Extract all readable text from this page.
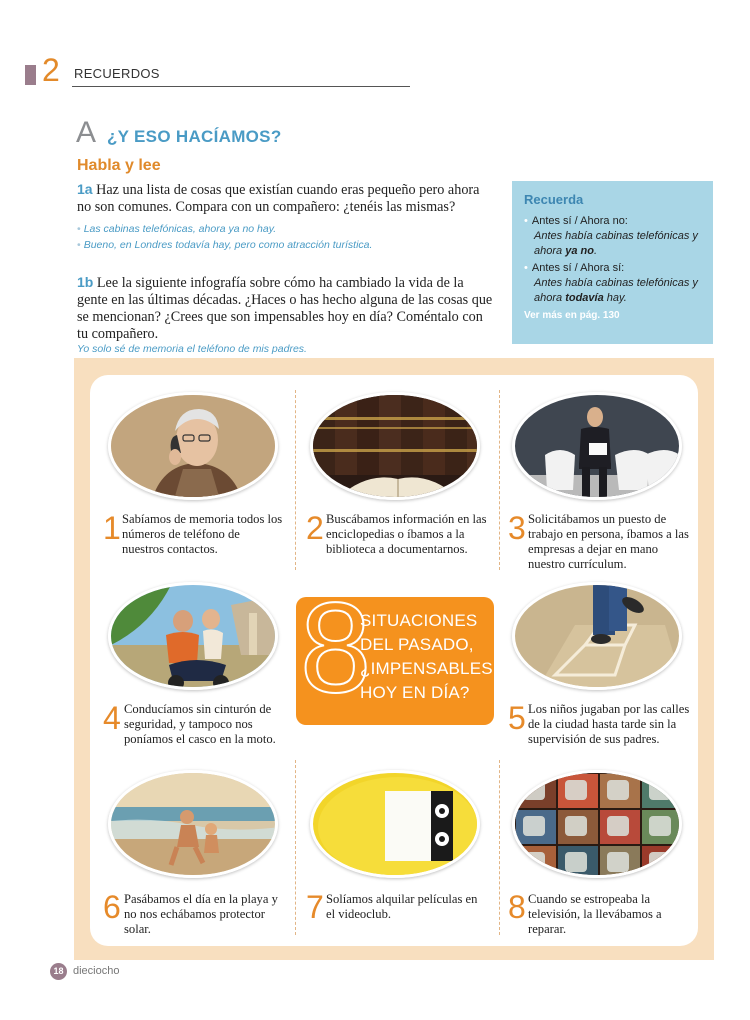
2 RECUERDOS
A ¿Y ESO HACÍAMOS?
Habla y lee
1a Haz una lista de cosas que existían cuando eras pequeño pero ahora no son comunes. Compara con un compañero: ¿tenéis las mismas?
• Las cabinas telefónicas, ahora ya no hay.
• Bueno, en Londres todavía hay, pero como atracción turística.
1b Lee la siguiente infografía sobre cómo ha cambiado la vida de la gente en las últimas décadas. ¿Haces o has hecho alguna de las cosas que se mencionan? ¿Crees que son impensables hoy en día? Coméntalo con tu compañero.
Yo solo sé de memoria el teléfono de mis padres.
Recuerda
• Antes sí / Ahora no:
Antes había cabinas telefónicas y ahora ya no.
• Antes sí / Ahora sí:
Antes había cabinas telefónicas y ahora todavía hay.
Ver más en pág. 130
1 Sabíamos de memoria todos los números de teléfono de nuestros contactos.
2 Buscábamos información en las enciclopedias o íbamos a la biblioteca a documentarnos.
3 Solicitábamos un puesto de trabajo en persona, íbamos a las empresas a dejar en mano nuestro currículum.
8
SITUACIONES DEL PASADO, ¿IMPENSABLES HOY EN DÍA?
4 Conducíamos sin cinturón de seguridad, y tampoco nos poníamos el casco en la moto.
5 Los niños jugaban por las calles de la ciudad hasta tarde sin la supervisión de sus padres.
6 Pasábamos el día en la playa y no nos echábamos protector solar.
7 Solíamos alquilar películas en el videoclub.	8 Cuando se estropeaba la televisión, la llevábamos a reparar.
18 dieciocho
